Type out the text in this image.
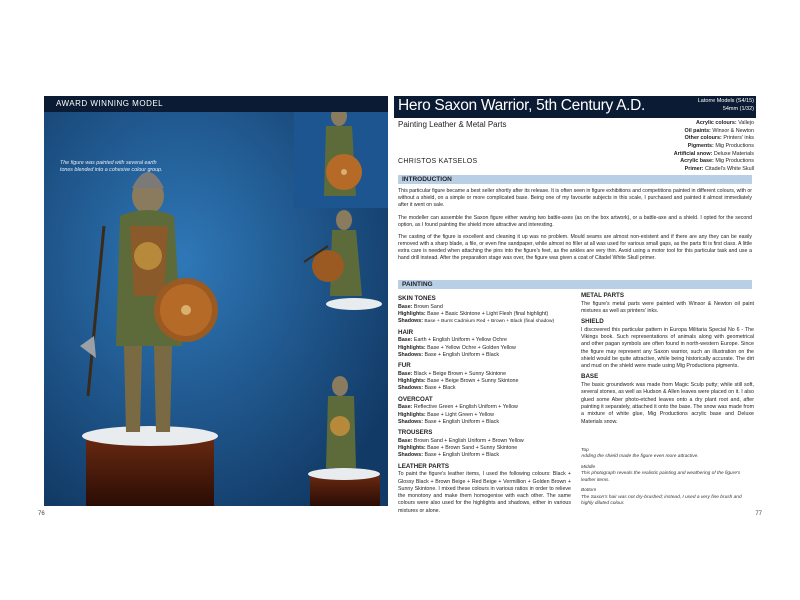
The figure was painted with several earth tones blended into a cohesive colour group.
AWARD WINNING MODEL
76
Hero Saxon Warrior, 5th Century A.D.	Latorre Models (S4/15)
54mm (1/32)
Painting Leather & Metal Parts
CHRISTOS KATSELOS
Acrylic colours: Vallejo
Oil paints: Winsor & Newton
Other colours: Printers' inks
Pigments: Mig Productions
Artificial snow: Deluxe Materials
Acrylic base: Mig Productions
Primer: Citadel's White Skull
INTRODUCTION

This particular figure became a best seller shortly after its release. It is often seen in figure exhibitions and competitions painted in different colours, with or without a shield, on a simple or more complicated base. Being one of my favourite subjects in this scale, I purchased and painted it almost immediately after it went on sale.

The modeller can assemble the Saxon figure either waving two battle-axes (as on the box artwork), or a battle-axe and a shield. I opted for the second option, as I found painting the shield more attractive and interesting.

The casting of the figure is excellent and cleaning it up was no problem. Mould seams are almost non-existent and if there are any they can be easily removed with a sharp blade, a file, or even fine sandpaper, while almost no filler at all was used for various small gaps, as the parts fit is first class. A little extra care is needed when attaching the pins into the figure's feet, as the ankles are very thin. Avoid using a motor tool for this particular task and use a hand drill instead. After the preparation stage was over, the figure was given a coat of Citadel White Skull primer.

PAINTING
SKIN TONES
Base: Brown Sand
Highlights: Base + Basic Skintone + Light Flesh (final highlight)
Shadows: Base + Burnt Cadmium Red + Brown + Black (final shadow)
HAIR
Base: Earth + English Uniform + Yellow Ochre
Highlights: Base + Yellow Ochre + Golden Yellow
Shadows: Base + English Uniform + Black
FUR
Base: Black + Beige Brown + Sunny Skintone
Highlights: Base + Beige Brown + Sunny Skintone
Shadows: Base + Black
OVERCOAT
Base: Reflective Green + English Uniform + Yellow
Highlights: Base + Light Green + Yellow
Shadows: Base + English Uniform + Black
TROUSERS
Base: Brown Sand + English Uniform + Brown Yellow
Highlights: Base + Brown Sand + Sunny Skintone
Shadows: Base + English Uniform + Black
LEATHER PARTS
To paint the figure's leather items, I used the following colours: Black + Glossy Black + Brown Beige + Red Beige + Vermillion + Golden Brown + Sunny Skintone. I mixed these colours in various ratios in order to relieve the monotony and make them homogenise with each other. The same colours were also used for the highlights and shadows, either in various mixtures or alone.
METAL PARTS
The figure's metal parts were painted with Winsor & Newton oil paint mixtures as well as printers' inks.
SHIELD
I discovered this particular pattern in Europa Militaria Special No 6 - The Vikings book. Such representations of animals along with geometrical and other pagan symbols are often found in north-western Europe. Since the figure may represent any Saxon warrior, such an illustration on the shield would be quite attractive, while being historically accurate. The dirt and mud on the shield were made using Mig Productions pigments.
BASE
The basic groundwork was made from Magic Sculp putty; while still soft, several stones, as well as Hudson & Allen leaves were placed on it. I also glued some Aber photo-etched leaves onto a dry plant root and, after painting it separately, attached it onto the base. The snow was made from a mixture of white glue, Mig Productions acrylic base and Deluxe Materials snow.

Top
Adding the shield made the figure even more attractive.

Middle
This photograph reveals the realistic painting and weathering of the figure's leather items.

Bottom
The Saxon's hair was not dry-brushed; instead, I used a very fine brush and highly diluted colour.

77
